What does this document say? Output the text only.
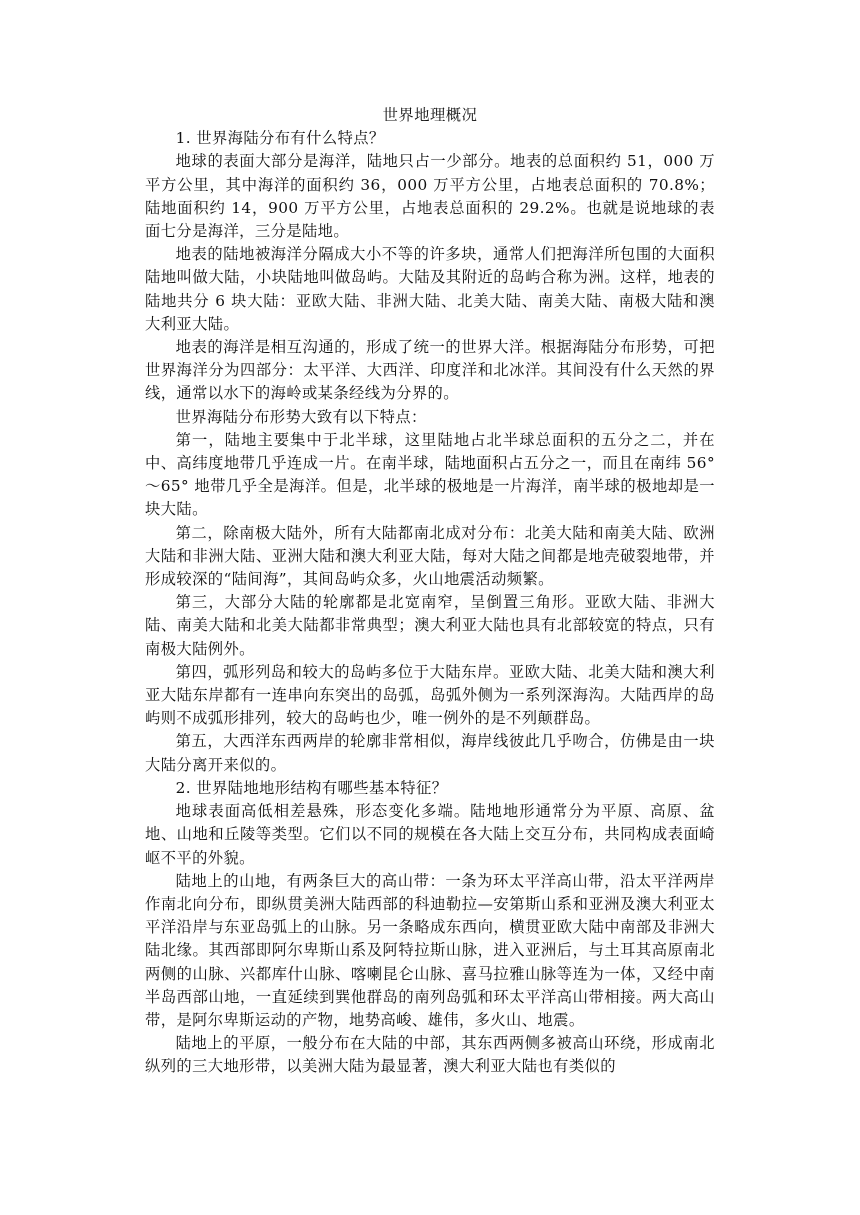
世界地理概况

1. 世界海陆分布有什么特点？

地球的表面大部分是海洋，陆地只占一少部分。地表的总面积约 51，000 万平方公里，其中海洋的面积约 36，000 万平方公里，占地表总面积的 70.8%；陆地面积约 14，900 万平方公里，占地表总面积的 29.2%。也就是说地球的表面七分是海洋，三分是陆地。

地表的陆地被海洋分隔成大小不等的许多块，通常人们把海洋所包围的大面积陆地叫做大陆，小块陆地叫做岛屿。大陆及其附近的岛屿合称为洲。这样，地表的陆地共分 6 块大陆：亚欧大陆、非洲大陆、北美大陆、南美大陆、南极大陆和澳大利亚大陆。

地表的海洋是相互沟通的，形成了统一的世界大洋。根据海陆分布形势，可把世界海洋分为四部分：太平洋、大西洋、印度洋和北冰洋。其间没有什么天然的界线，通常以水下的海岭或某条经线为分界的。

世界海陆分布形势大致有以下特点：

第一，陆地主要集中于北半球，这里陆地占北半球总面积的五分之二，并在中、高纬度地带几乎连成一片。在南半球，陆地面积占五分之一，而且在南纬 56° ～65° 地带几乎全是海洋。但是，北半球的极地是一片海洋，南半球的极地却是一块大陆。

第二，除南极大陆外，所有大陆都南北成对分布：北美大陆和南美大陆、欧洲大陆和非洲大陆、亚洲大陆和澳大利亚大陆，每对大陆之间都是地壳破裂地带，并形成较深的“陆间海”，其间岛屿众多，火山地震活动频繁。

第三，大部分大陆的轮廓都是北宽南窄，呈倒置三角形。亚欧大陆、非洲大陆、南美大陆和北美大陆都非常典型；澳大利亚大陆也具有北部较宽的特点，只有南极大陆例外。

第四，弧形列岛和较大的岛屿多位于大陆东岸。亚欧大陆、北美大陆和澳大利亚大陆东岸都有一连串向东突出的岛弧，岛弧外侧为一系列深海沟。大陆西岸的岛屿则不成弧形排列，较大的岛屿也少，唯一例外的是不列颠群岛。

第五，大西洋东西两岸的轮廓非常相似，海岸线彼此几乎吻合，仿佛是由一块大陆分离开来似的。

2. 世界陆地地形结构有哪些基本特征？

地球表面高低相差悬殊，形态变化多端。陆地地形通常分为平原、高原、盆地、山地和丘陵等类型。它们以不同的规模在各大陆上交互分布，共同构成表面崎岖不平的外貌。

陆地上的山地，有两条巨大的高山带：一条为环太平洋高山带，沿太平洋两岸作南北向分布，即纵贯美洲大陆西部的科迪勒拉—安第斯山系和亚洲及澳大利亚太平洋沿岸与东亚岛弧上的山脉。另一条略成东西向，横贯亚欧大陆中南部及非洲大陆北缘。其西部即阿尔卑斯山系及阿特拉斯山脉，进入亚洲后，与土耳其高原南北两侧的山脉、兴都库什山脉、喀喇昆仑山脉、喜马拉雅山脉等连为一体，又经中南半岛西部山地，一直延续到巽他群岛的南列岛弧和环太平洋高山带相接。两大高山带，是阿尔卑斯运动的产物，地势高峻、雄伟，多火山、地震。

陆地上的平原，一般分布在大陆的中部，其东西两侧多被高山环绕，形成南北纵列的三大地形带，以美洲大陆为最显著，澳大利亚大陆也有类似的
